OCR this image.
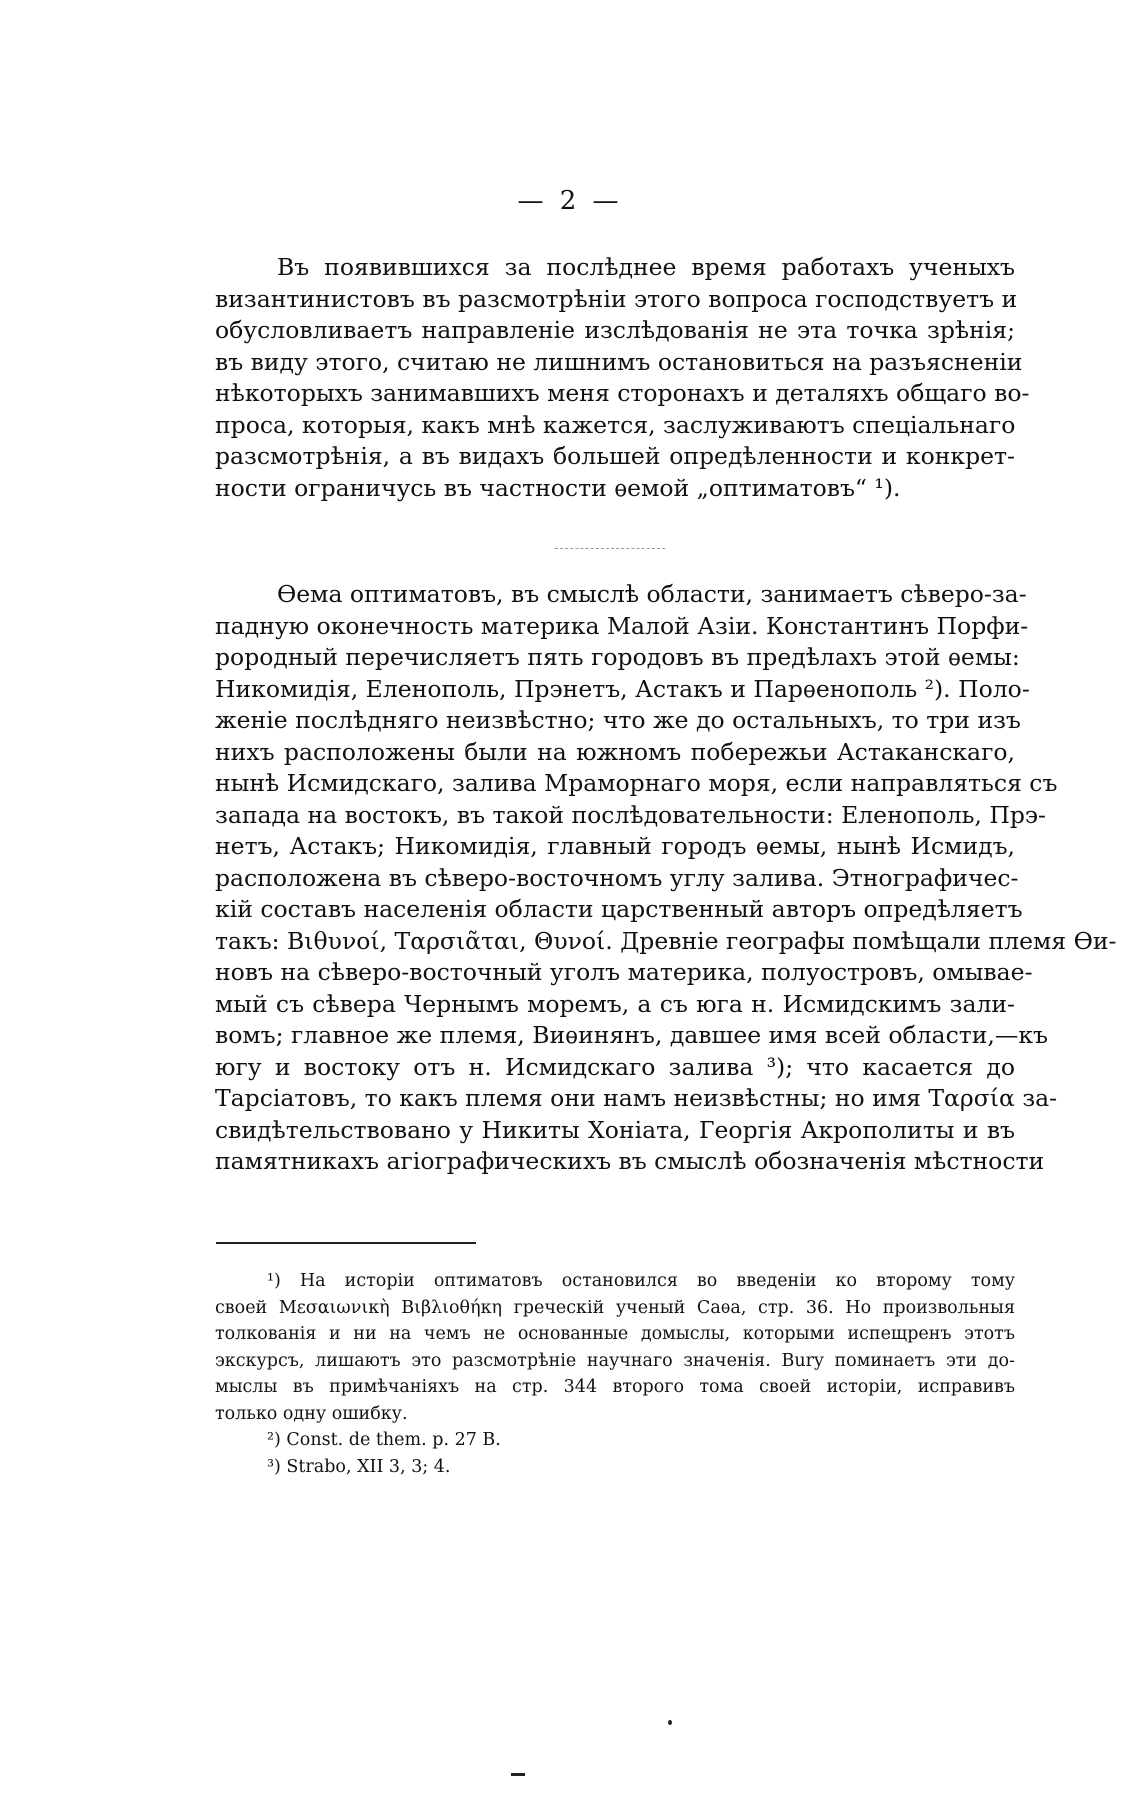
— 2 —
Въ появившихся за послѣднее время работахъ ученыхъ
византинистовъ въ разсмотрѣніи этого вопроса господствуетъ и
обусловливаетъ направленіе изслѣдованія не эта точка зрѣнія;
въ виду этого, считаю не лишнимъ остановиться на разъясненіи
нѣкоторыхъ занимавшихъ меня сторонахъ и деталяхъ общаго во-
проса, которыя, какъ мнѣ кажется, заслуживаютъ спеціальнаго
разсмотрѣнія, а въ видахъ большей опредѣленности и конкрет-
ности ограничусь въ частности ѳемой „оптиматовъ“ ¹).
Ѳема оптиматовъ, въ смыслѣ области, занимаетъ сѣверо-за-
падную оконечность материка Малой Азіи. Константинъ Порфи-
рородный перечисляетъ пять городовъ въ предѣлахъ этой ѳемы:
Никомидія, Еленополь, Прэнетъ, Астакъ и Парѳенополь ²). Поло-
женіе послѣдняго неизвѣстно; что же до остальныхъ, то три изъ
нихъ расположены были на южномъ побережьи Астаканскаго,
нынѣ Исмидскаго, залива Мраморнаго моря, если направляться съ
запада на востокъ, въ такой послѣдовательности: Еленополь, Прэ-
нетъ, Астакъ; Никомидія, главный городъ ѳемы, нынѣ Исмидъ,
расположена въ сѣверо-восточномъ углу залива. Этнографичес-
кій составъ населенія области царственный авторъ опредѣляетъ
такъ: Βιθυνοί, Ταρσιᾶται, Θυνοί. Древніе географы помѣщали племя Ѳи-
новъ на сѣверо-восточный уголъ материка, полуостровъ, омывае-
мый съ сѣвера Чернымъ моремъ, а съ юга н. Исмидскимъ зали-
вомъ; главное же племя, Виѳинянъ, давшее имя всей области,—къ
югу и востоку отъ н. Исмидскаго залива ³); что касается до
Тарсіатовъ, то какъ племя они намъ неизвѣстны; но имя Ταρσία за-
свидѣтельствовано у Никиты Хоніата, Георгія Акрополиты и въ
памятникахъ агіографическихъ въ смыслѣ обозначенія мѣстности
¹) На исторіи оптиматовъ остановился во введеніи ко второму тому
своей Μεσαιωνικὴ Βιβλιοθήκη греческій ученый Саѳа, стр. 36. Но произвольныя
толкованія и ни на чемъ не основанные домыслы, которыми испещренъ этотъ
экскурсъ, лишаютъ это разсмотрѣніе научнаго значенія. Bury поминаетъ эти до-
мыслы въ примѣчаніяхъ на стр. 344 второго тома своей исторіи, исправивъ
только одну ошибку.
²) Const. de them. p. 27 B.
³) Strabo, XII 3, 3; 4.
